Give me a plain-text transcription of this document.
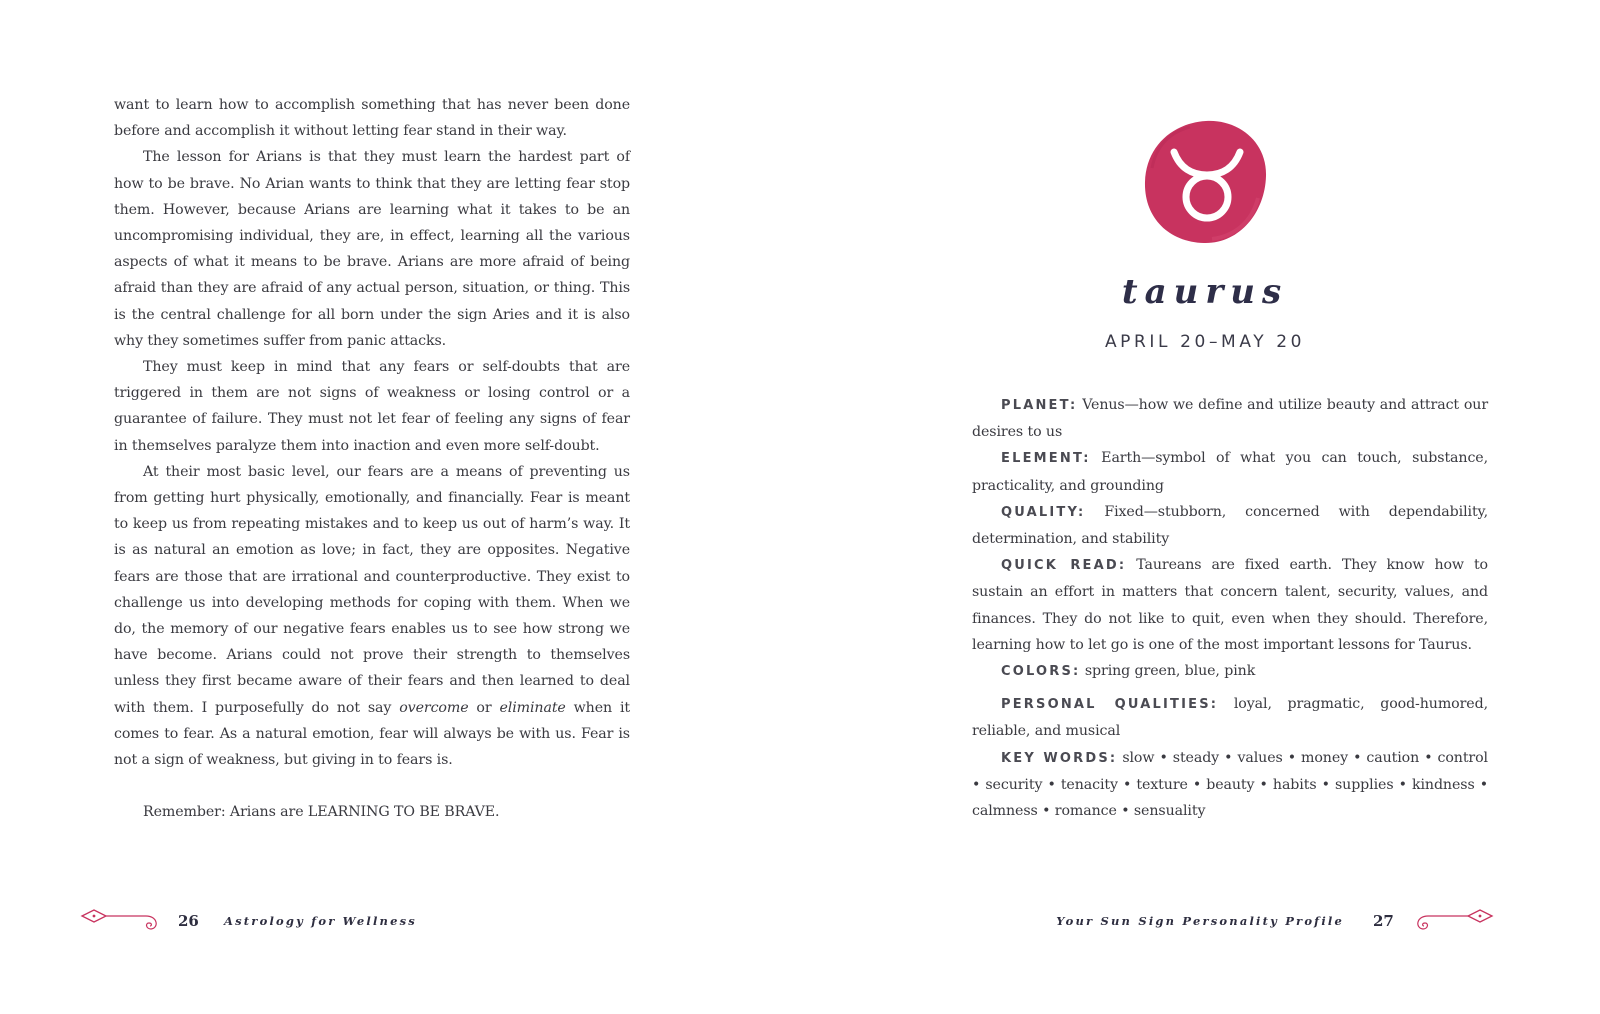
want to learn how to accomplish something that has never been done before and accomplish it without letting fear stand in their way.

The lesson for Arians is that they must learn the hardest part of how to be brave. No Arian wants to think that they are letting fear stop them. However, because Arians are learning what it takes to be an uncompromising individual, they are, in effect, learning all the various aspects of what it means to be brave. Arians are more afraid of being afraid than they are afraid of any actual person, situation, or thing. This is the central challenge for all born under the sign Aries and it is also why they sometimes suffer from panic attacks.

They must keep in mind that any fears or self-doubts that are triggered in them are not signs of weakness or losing control or a guarantee of failure. They must not let fear of feeling any signs of fear in themselves paralyze them into inaction and even more self-doubt.

At their most basic level, our fears are a means of preventing us from getting hurt physically, emotionally, and financially. Fear is meant to keep us from repeating mistakes and to keep us out of harm’s way. It is as natural an emotion as love; in fact, they are opposites. Negative fears are those that are irrational and counterproductive. They exist to challenge us into developing methods for coping with them. When we do, the memory of our negative fears enables us to see how strong we have become. Arians could not prove their strength to themselves unless they first became aware of their fears and then learned to deal with them. I purposefully do not say overcome or eliminate when it comes to fear. As a natural emotion, fear will always be with us. Fear is not a sign of weakness, but giving in to fears is.

Remember: Arians are LEARNING TO BE BRAVE.

26 Astrology for Wellness
taurus
APRIL 20–MAY 20

PLANET: Venus—how we define and utilize beauty and attract our desires to us

ELEMENT: Earth—symbol of what you can touch, substance, practicality, and grounding

QUALITY: Fixed—stubborn, concerned with dependability, determination, and stability

QUICK READ: Taureans are fixed earth. They know how to sustain an effort in matters that concern talent, security, values, and finances. They do not like to quit, even when they should. Therefore, learning how to let go is one of the most important lessons for Taurus.

COLORS: spring green, blue, pink

PERSONAL QUALITIES: loyal, pragmatic, good-humored, reliable, and musical

KEY WORDS: slow • steady • values • money • caution • control • security • tenacity • texture • beauty • habits • supplies • kindness • calmness • romance • sensuality

Your Sun Sign Personality Profile 27
